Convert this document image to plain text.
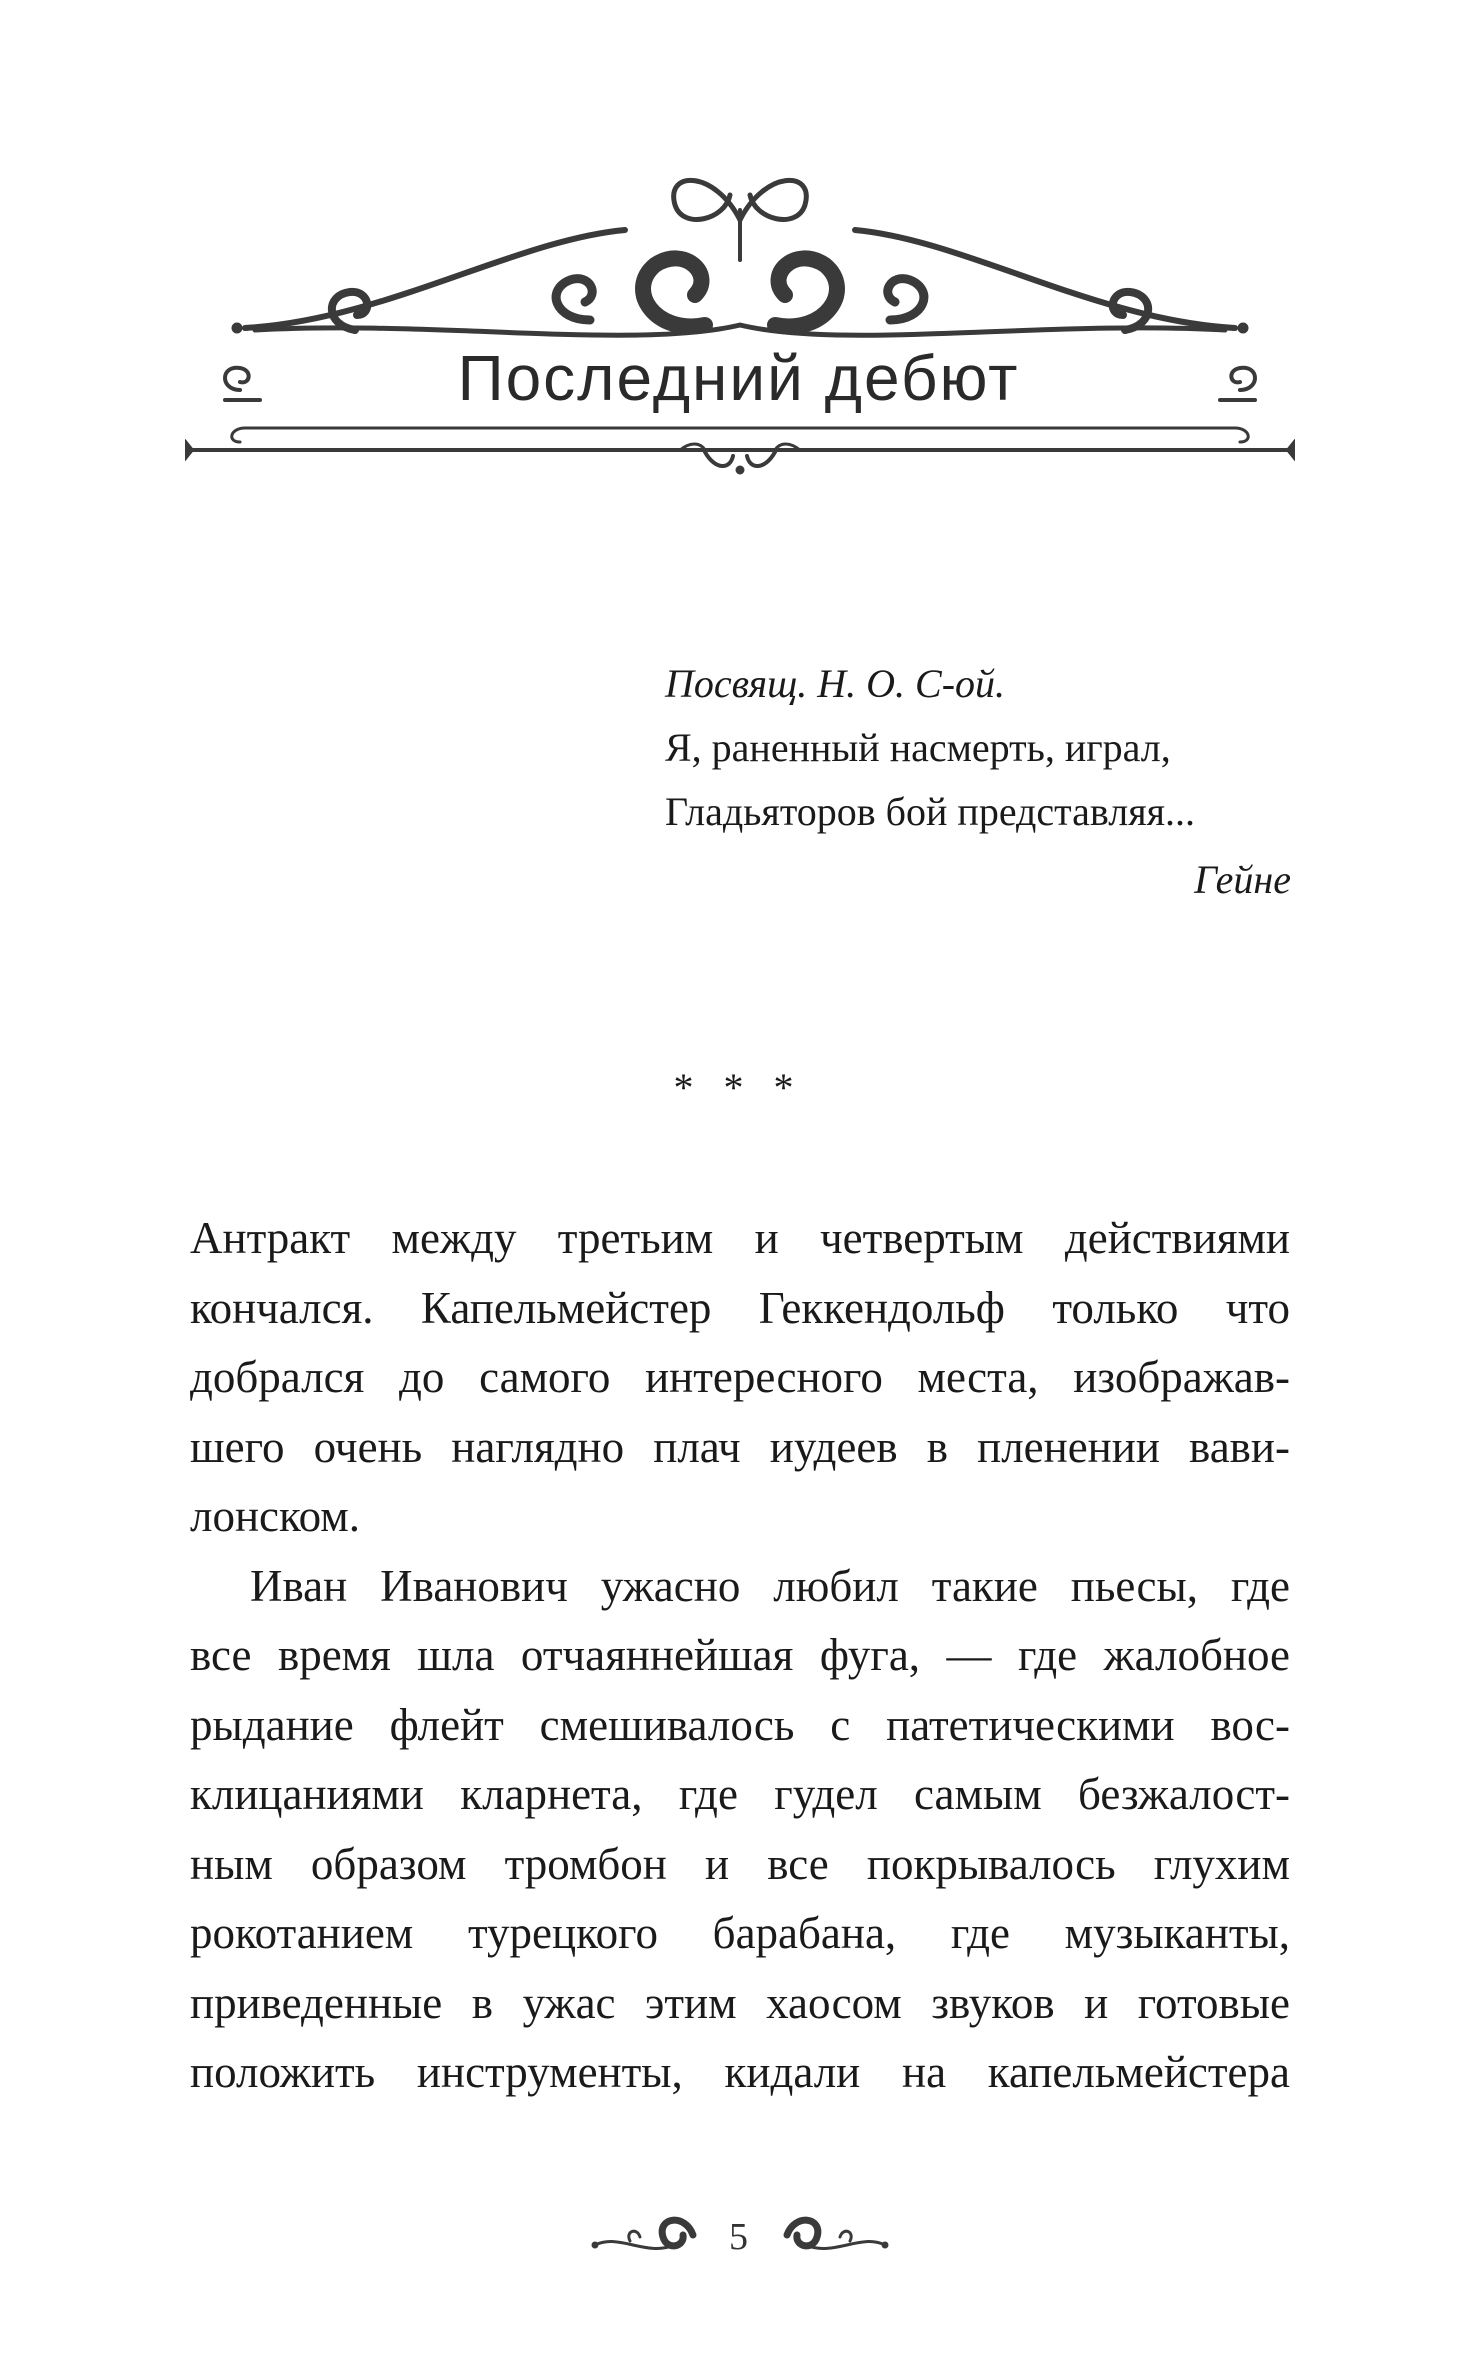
Последний дебют
Посвящ. Н. О. С-ой.
Я, раненный насмерть, играл,
Гладьяторов бой представляя...
Гейне
* * *
Антракт между третьим и четвертым действиями
кончался. Капельмейстер Геккендольф только что
добрался до самого интересного места, изображав-
шего очень наглядно плач иудеев в пленении вави-
лонском.
Иван Иванович ужасно любил такие пьесы, где
все время шла отчаяннейшая фуга, — где жалобное
рыдание флейт смешивалось с патетическими вос-
клицаниями кларнета, где гудел самым безжалост-
ным образом тромбон и все покрывалось глухим
рокотанием турецкого барабана, где музыканты,
приведенные в ужас этим хаосом звуков и готовые
положить инструменты, кидали на капельмейстера
5
